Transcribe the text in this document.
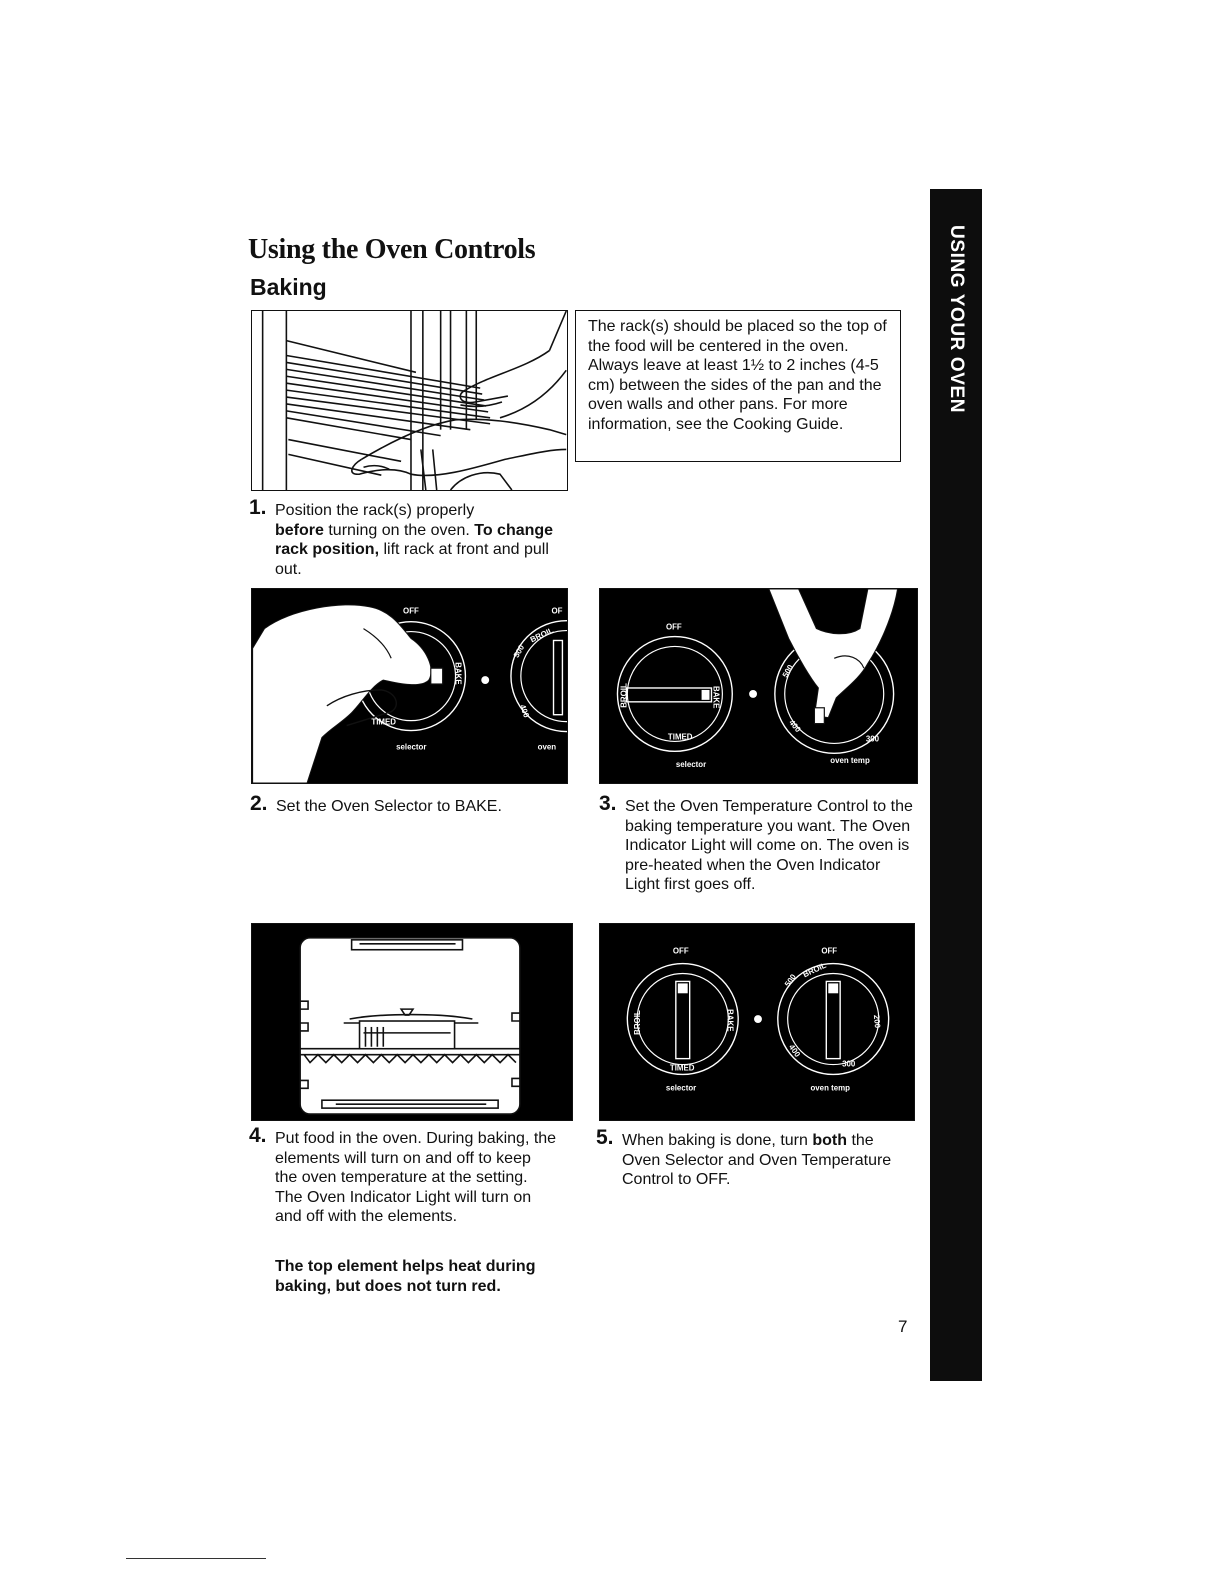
Using the Oven Controls
Baking	USING YOUR OVEN
The rack(s) should be placed so the top of the food will be centered in the oven. Always leave at least 1½ to 2 inches (4-5 cm) between the sides of the pan and the oven walls and other pans. For more information, see the Cooking Guide.
1. Position the rack(s) properly
before turning on the oven. To change rack position, lift rack at front and pull out.
OFF	OF
selector	oven
TIMED
BAKE
500
BROIL
400
2. Set the Oven Selector to BAKE.
OFF
selector	oven temp
TIMED
BAKE
BROIL
500
400
300
3. Set the Oven Temperature Control to the baking temperature you want. The Oven Indicator Light will come on. The oven is pre-heated when the Oven Indicator Light first goes off.
4. Put food in the oven. During baking, the elements will turn on and off to keep the oven temperature at the setting. The Oven Indicator Light will turn on and off with the elements.
The top element helps heat during baking, but does not turn red.
OFF	OFF
selector	oven temp
TIMED
BAKE
BROIL
500
BROIL
200
400
300
5. When baking is done, turn both the Oven Selector and Oven Temperature Control to OFF.
7
